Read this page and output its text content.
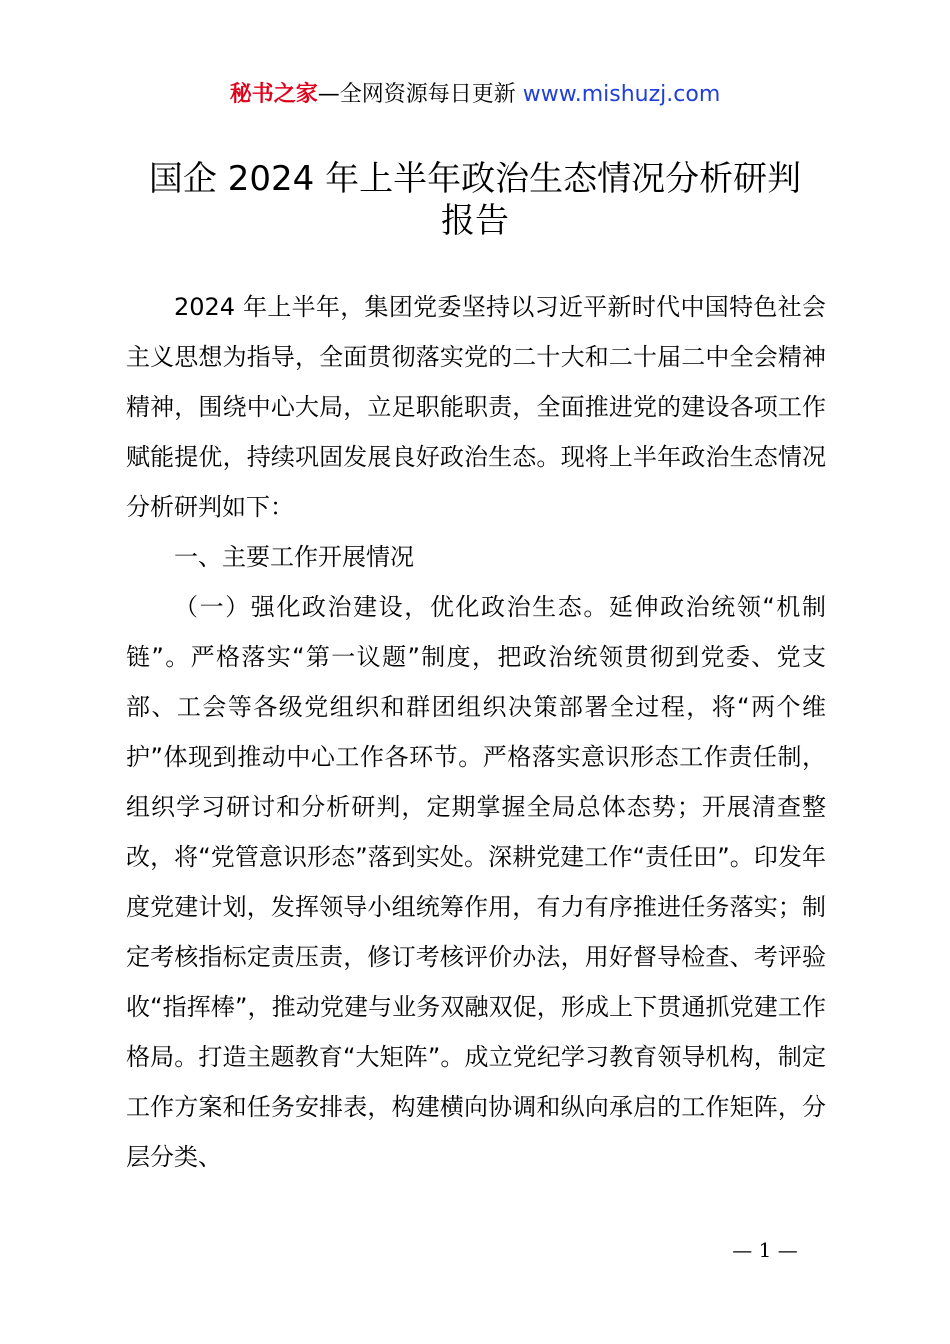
秘书之家—全网资源每日更新 www.mishuzj.com
国企 2024 年上半年政治生态情况分析研判
报告

2024 年上半年，集团党委坚持以习近平新时代中国特色社会主义思想为指导，全面贯彻落实党的二十大和二十届二中全会精神精神，围绕中心大局，立足职能职责，全面推进党的建设各项工作赋能提优，持续巩固发展良好政治生态。现将上半年政治生态情况分析研判如下：

一、主要工作开展情况

（一）强化政治建设，优化政治生态。延伸政治统领“机制链”。严格落实“第一议题”制度，把政治统领贯彻到党委、党支部、工会等各级党组织和群团组织决策部署全过程，将“两个维护”体现到推动中心工作各环节。严格落实意识形态工作责任制，组织学习研讨和分析研判，定期掌握全局总体态势；开展清查整改，将“党管意识形态”落到实处。深耕党建工作“责任田”。印发年度党建计划，发挥领导小组统筹作用，有力有序推进任务落实；制定考核指标定责压责，修订考核评价办法，用好督导检查、考评验收“指挥棒”，推动党建与业务双融双促，形成上下贯通抓党建工作格局。打造主题教育“大矩阵”。成立党纪学习教育领导机构，制定工作方案和任务安排表，构建横向协调和纵向承启的工作矩阵，分层分类、

— 1 —
